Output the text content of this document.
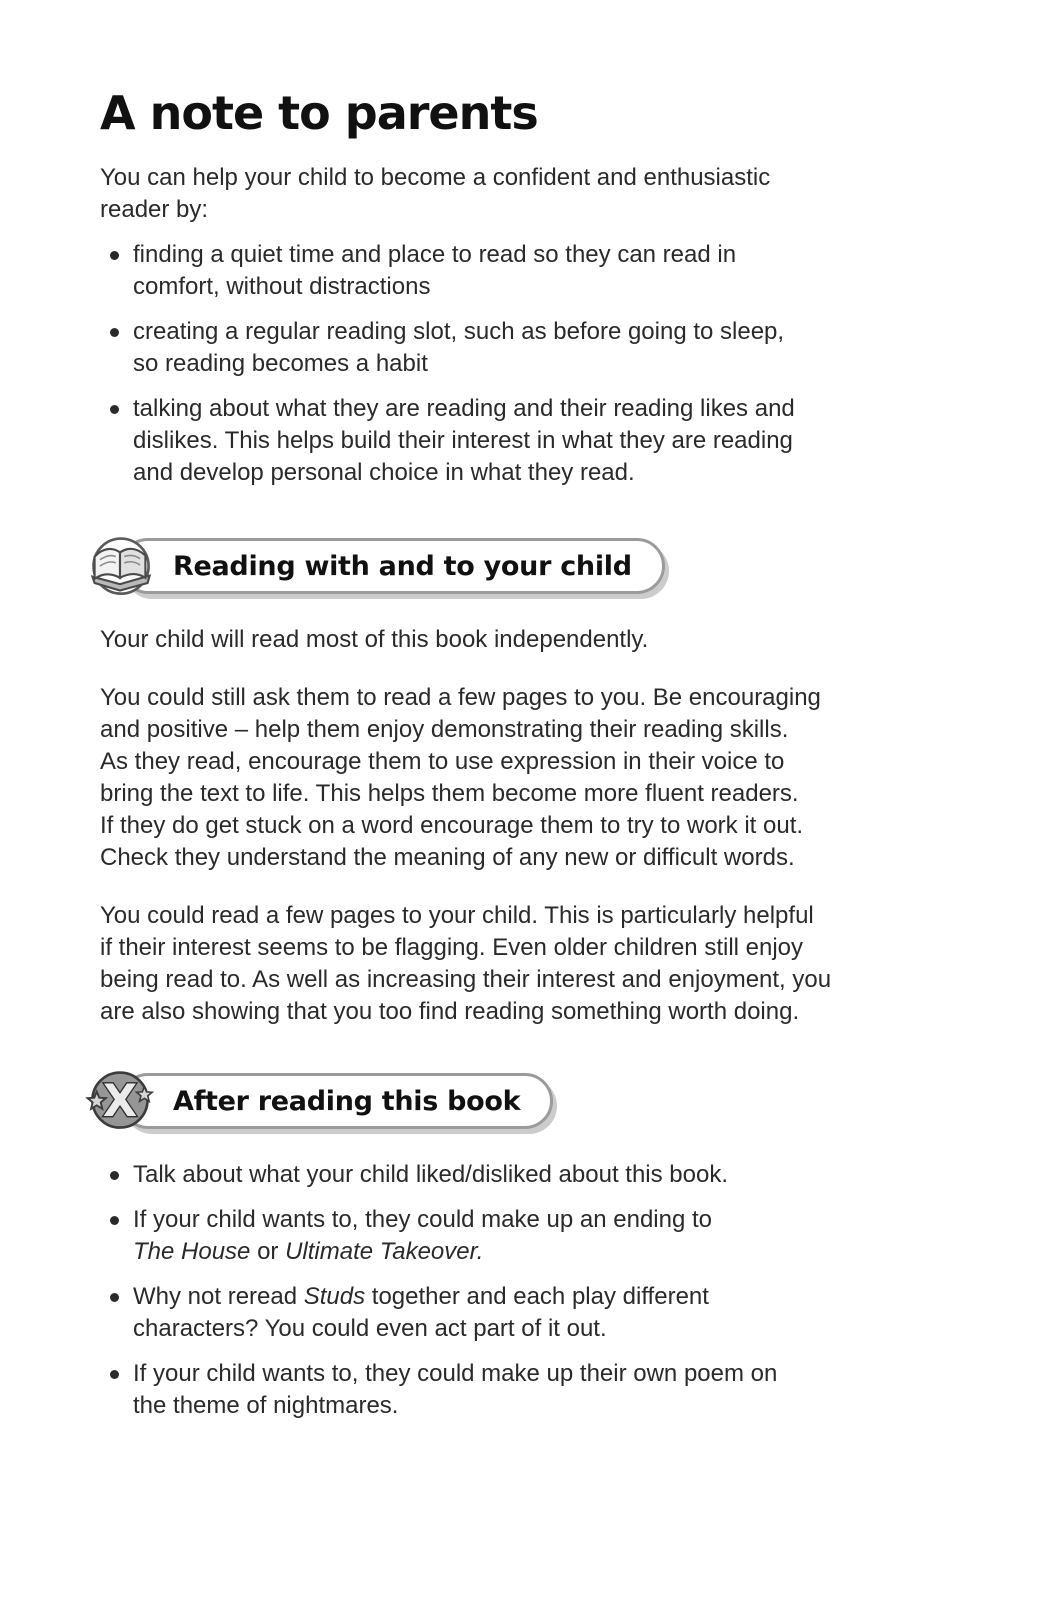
A note to parents

You can help your child to become a confident and enthusiastic
reader by:

finding a quiet time and place to read so they can read in
comfort, without distractions
creating a regular reading slot, such as before going to sleep,
so reading becomes a habit
talking about what they are reading and their reading likes and
dislikes. This helps build their interest in what they are reading
and develop personal choice in what they read.
Reading with and to your child

Your child will read most of this book independently.

You could still ask them to read a few pages to you. Be encouraging
and positive – help them enjoy demonstrating their reading skills.
As they read, encourage them to use expression in their voice to
bring the text to life. This helps them become more fluent readers.
If they do get stuck on a word encourage them to try to work it out.
Check they understand the meaning of any new or difficult words.

You could read a few pages to your child. This is particularly helpful
if their interest seems to be flagging. Even older children still enjoy
being read to. As well as increasing their interest and enjoyment, you
are also showing that you too find reading something worth doing.

X After reading this book
Talk about what your child liked/disliked about this book.
If your child wants to, they could make up an ending to
The House or Ultimate Takeover.
Why not reread Studs together and each play different
characters? You could even act part of it out.
If your child wants to, they could make up their own poem on
the theme of nightmares.
